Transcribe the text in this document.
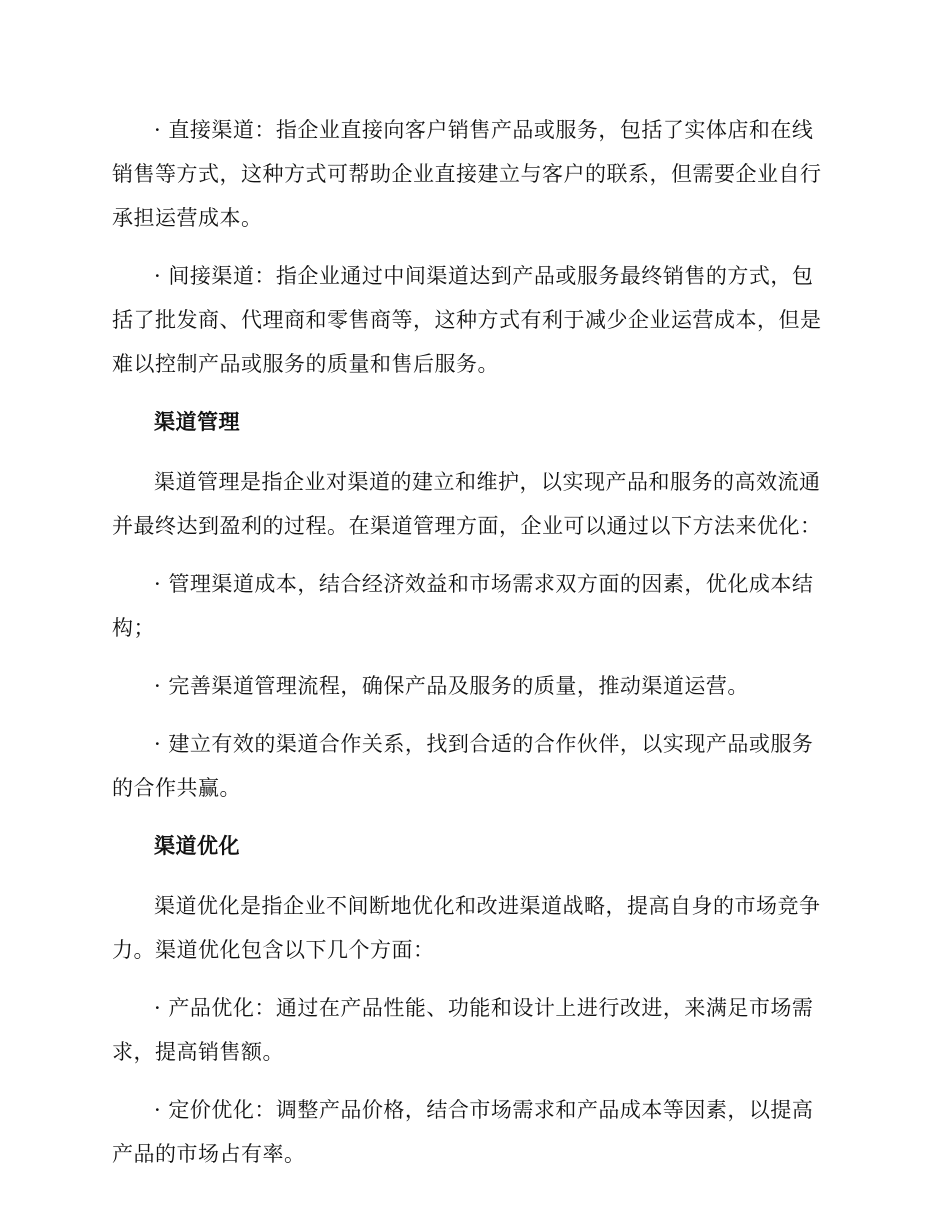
· 直接渠道：指企业直接向客户销售产品或服务，包括了实体店和在线销售等方式，这种方式可帮助企业直接建立与客户的联系，但需要企业自行承担运营成本。

· 间接渠道：指企业通过中间渠道达到产品或服务最终销售的方式，包括了批发商、代理商和零售商等，这种方式有利于减少企业运营成本，但是难以控制产品或服务的质量和售后服务。

渠道管理

渠道管理是指企业对渠道的建立和维护，以实现产品和服务的高效流通并最终达到盈利的过程。在渠道管理方面，企业可以通过以下方法来优化：

· 管理渠道成本，结合经济效益和市场需求双方面的因素，优化成本结构；

· 完善渠道管理流程，确保产品及服务的质量，推动渠道运营。

· 建立有效的渠道合作关系，找到合适的合作伙伴，以实现产品或服务的合作共赢。

渠道优化

渠道优化是指企业不间断地优化和改进渠道战略，提高自身的市场竞争力。渠道优化包含以下几个方面：

· 产品优化：通过在产品性能、功能和设计上进行改进，来满足市场需求，提高销售额。

· 定价优化：调整产品价格，结合市场需求和产品成本等因素，以提高产品的市场占有率。
